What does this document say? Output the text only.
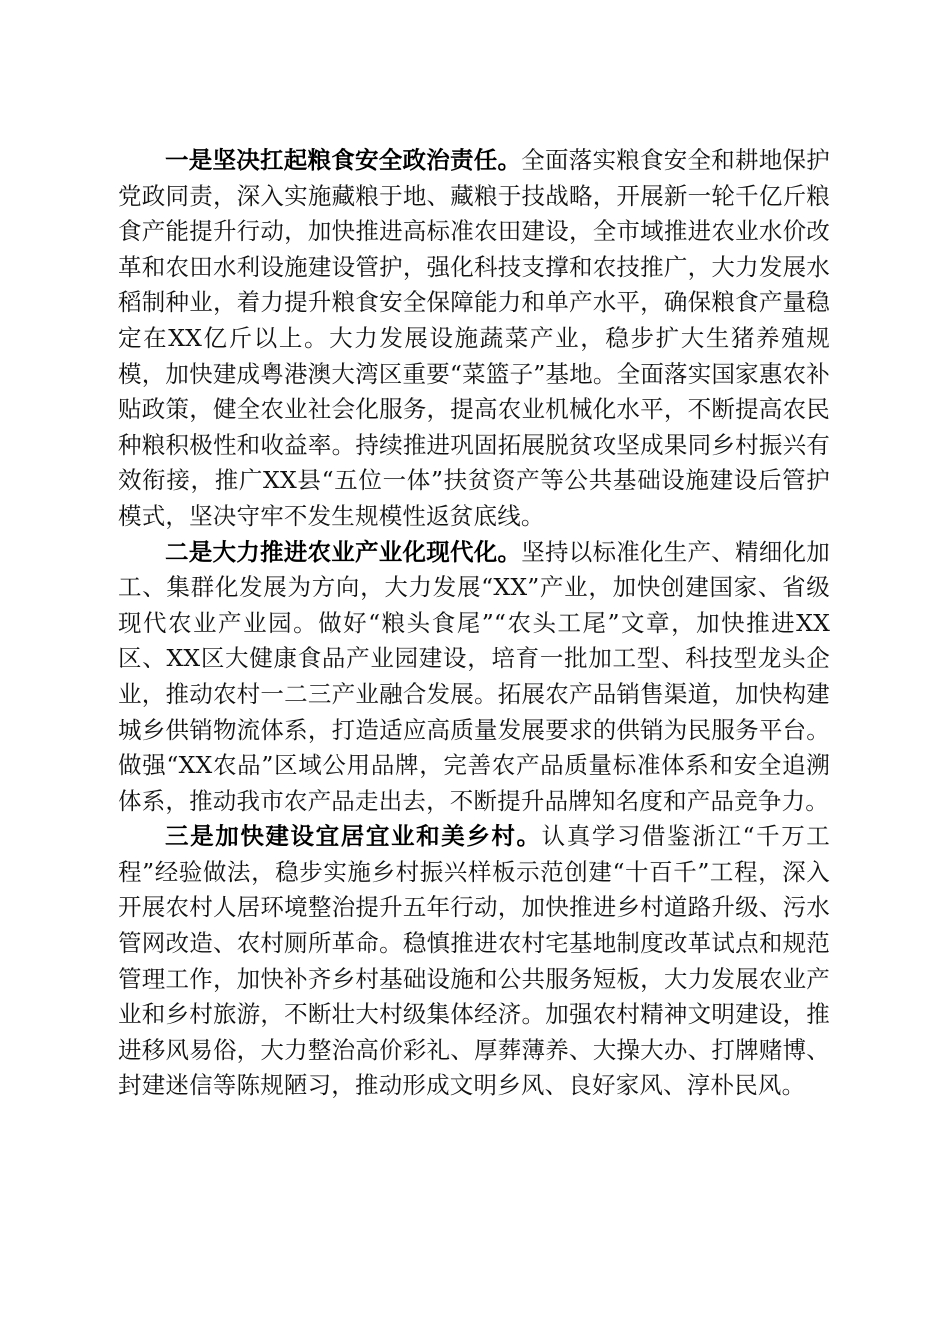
一是坚决扛起粮食安全政治责任。全面落实粮食安全和耕地保护党政同责，深入实施藏粮于地、藏粮于技战略，开展新一轮千亿斤粮食产能提升行动，加快推进高标准农田建设，全市域推进农业水价改革和农田水利设施建设管护，强化科技支撑和农技推广，大力发展水稻制种业，着力提升粮食安全保障能力和单产水平，确保粮食产量稳定在XX亿斤以上。大力发展设施蔬菜产业，稳步扩大生猪养殖规模，加快建成粤港澳大湾区重要“菜篮子”基地。全面落实国家惠农补贴政策，健全农业社会化服务，提高农业机械化水平，不断提高农民种粮积极性和收益率。持续推进巩固拓展脱贫攻坚成果同乡村振兴有效衔接，推广XX县“五位一体”扶贫资产等公共基础设施建设后管护模式，坚决守牢不发生规模性返贫底线。

二是大力推进农业产业化现代化。坚持以标准化生产、精细化加工、集群化发展为方向，大力发展“XX”产业，加快创建国家、省级现代农业产业园。做好“粮头食尾”“农头工尾”文章，加快推进XX区、XX区大健康食品产业园建设，培育一批加工型、科技型龙头企业，推动农村一二三产业融合发展。拓展农产品销售渠道，加快构建城乡供销物流体系，打造适应高质量发展要求的供销为民服务平台。做强“XX农品”区域公用品牌，完善农产品质量标准体系和安全追溯体系，推动我市农产品走出去，不断提升品牌知名度和产品竞争力。

三是加快建设宜居宜业和美乡村。认真学习借鉴浙江“千万工程”经验做法，稳步实施乡村振兴样板示范创建“十百千”工程，深入开展农村人居环境整治提升五年行动，加快推进乡村道路升级、污水管网改造、农村厕所革命。稳慎推进农村宅基地制度改革试点和规范管理工作，加快补齐乡村基础设施和公共服务短板，大力发展农业产业和乡村旅游，不断壮大村级集体经济。加强农村精神文明建设，推进移风易俗，大力整治高价彩礼、厚葬薄养、大操大办、打牌赌博、封建迷信等陈规陋习，推动形成文明乡风、良好家风、淳朴民风。
